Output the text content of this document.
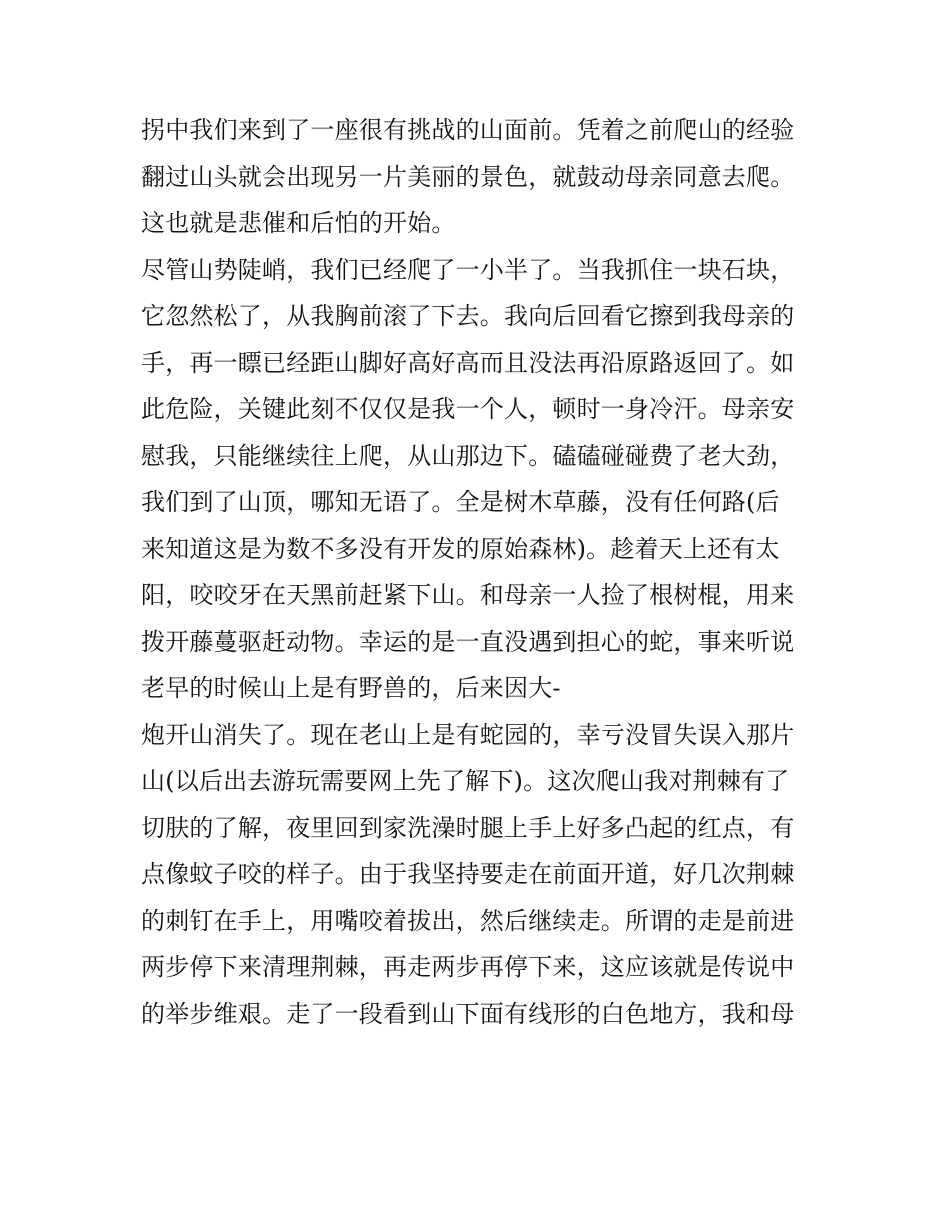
拐中我们来到了一座很有挑战的山面前。凭着之前爬山的经验
翻过山头就会出现另一片美丽的景色，就鼓动母亲同意去爬。
这也就是悲催和后怕的开始。
尽管山势陡峭，我们已经爬了一小半了。当我抓住一块石块，
它忽然松了，从我胸前滚了下去。我向后回看它擦到我母亲的
手，再一瞟已经距山脚好高好高而且没法再沿原路返回了。如
此危险，关键此刻不仅仅是我一个人，顿时一身冷汗。母亲安
慰我，只能继续往上爬，从山那边下。磕磕碰碰费了老大劲，
我们到了山顶，哪知无语了。全是树木草藤，没有任何路(后
来知道这是为数不多没有开发的原始森林)。趁着天上还有太
阳，咬咬牙在天黑前赶紧下山。和母亲一人捡了根树棍，用来
拨开藤蔓驱赶动物。幸运的是一直没遇到担心的蛇，事来听说
老早的时候山上是有野兽的，后来因大-
炮开山消失了。现在老山上是有蛇园的，幸亏没冒失误入那片
山(以后出去游玩需要网上先了解下)。这次爬山我对荆棘有了
切肤的了解，夜里回到家洗澡时腿上手上好多凸起的红点，有
点像蚊子咬的样子。由于我坚持要走在前面开道，好几次荆棘
的刺钉在手上，用嘴咬着拔出，然后继续走。所谓的走是前进
两步停下来清理荆棘，再走两步再停下来，这应该就是传说中
的举步维艰。走了一段看到山下面有线形的白色地方，我和母
